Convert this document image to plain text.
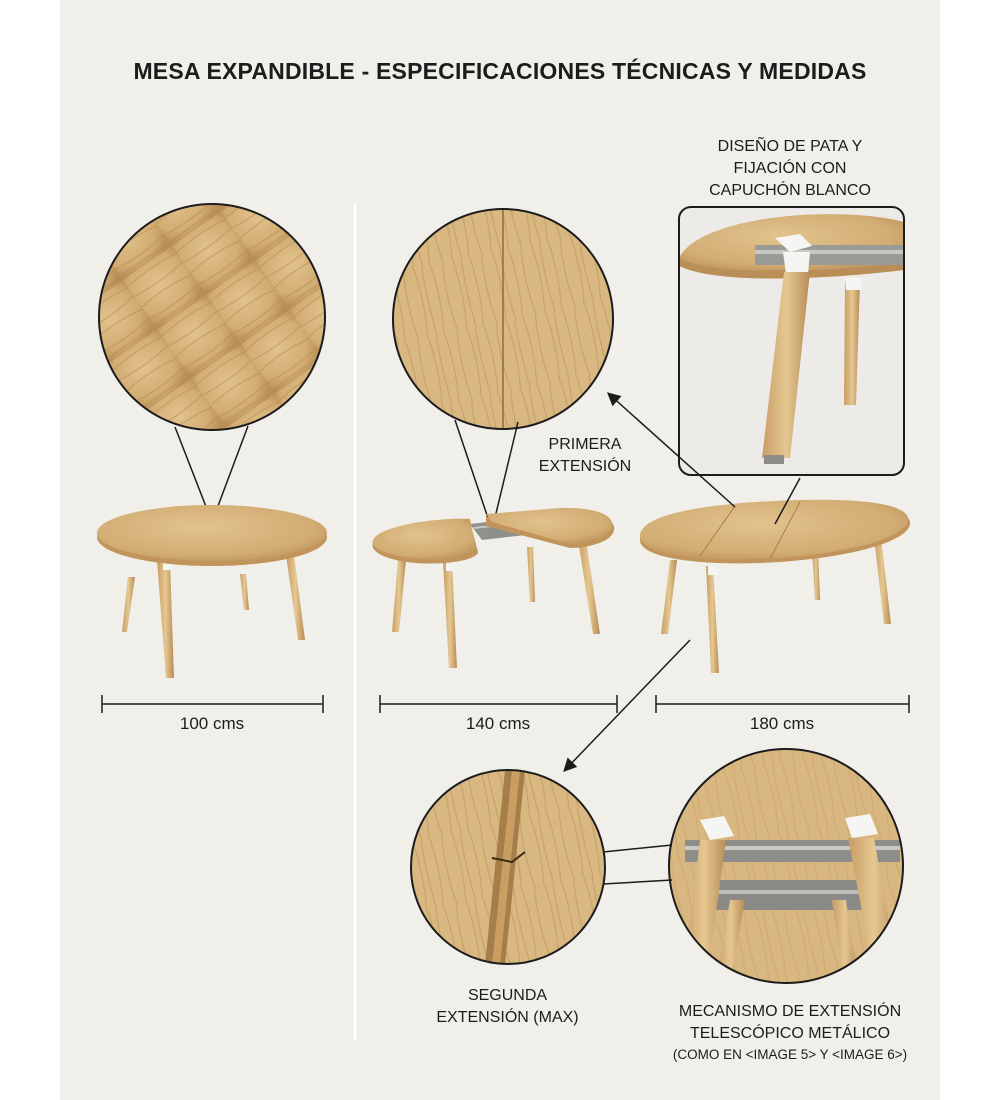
MESA EXPANDIBLE - ESPECIFICACIONES TÉCNICAS Y MEDIDAS
DISEÑO DE PATA Y
FIJACIÓN CON
CAPUCHÓN BLANCO
PRIMERA
EXTENSIÓN
100 cms	140 cms	180 cms
SEGUNDA
EXTENSIÓN (MAX)	MECANISMO DE EXTENSIÓN
TELESCÓPICO METÁLICO
(COMO EN <IMAGE 5> Y <IMAGE 6>)
